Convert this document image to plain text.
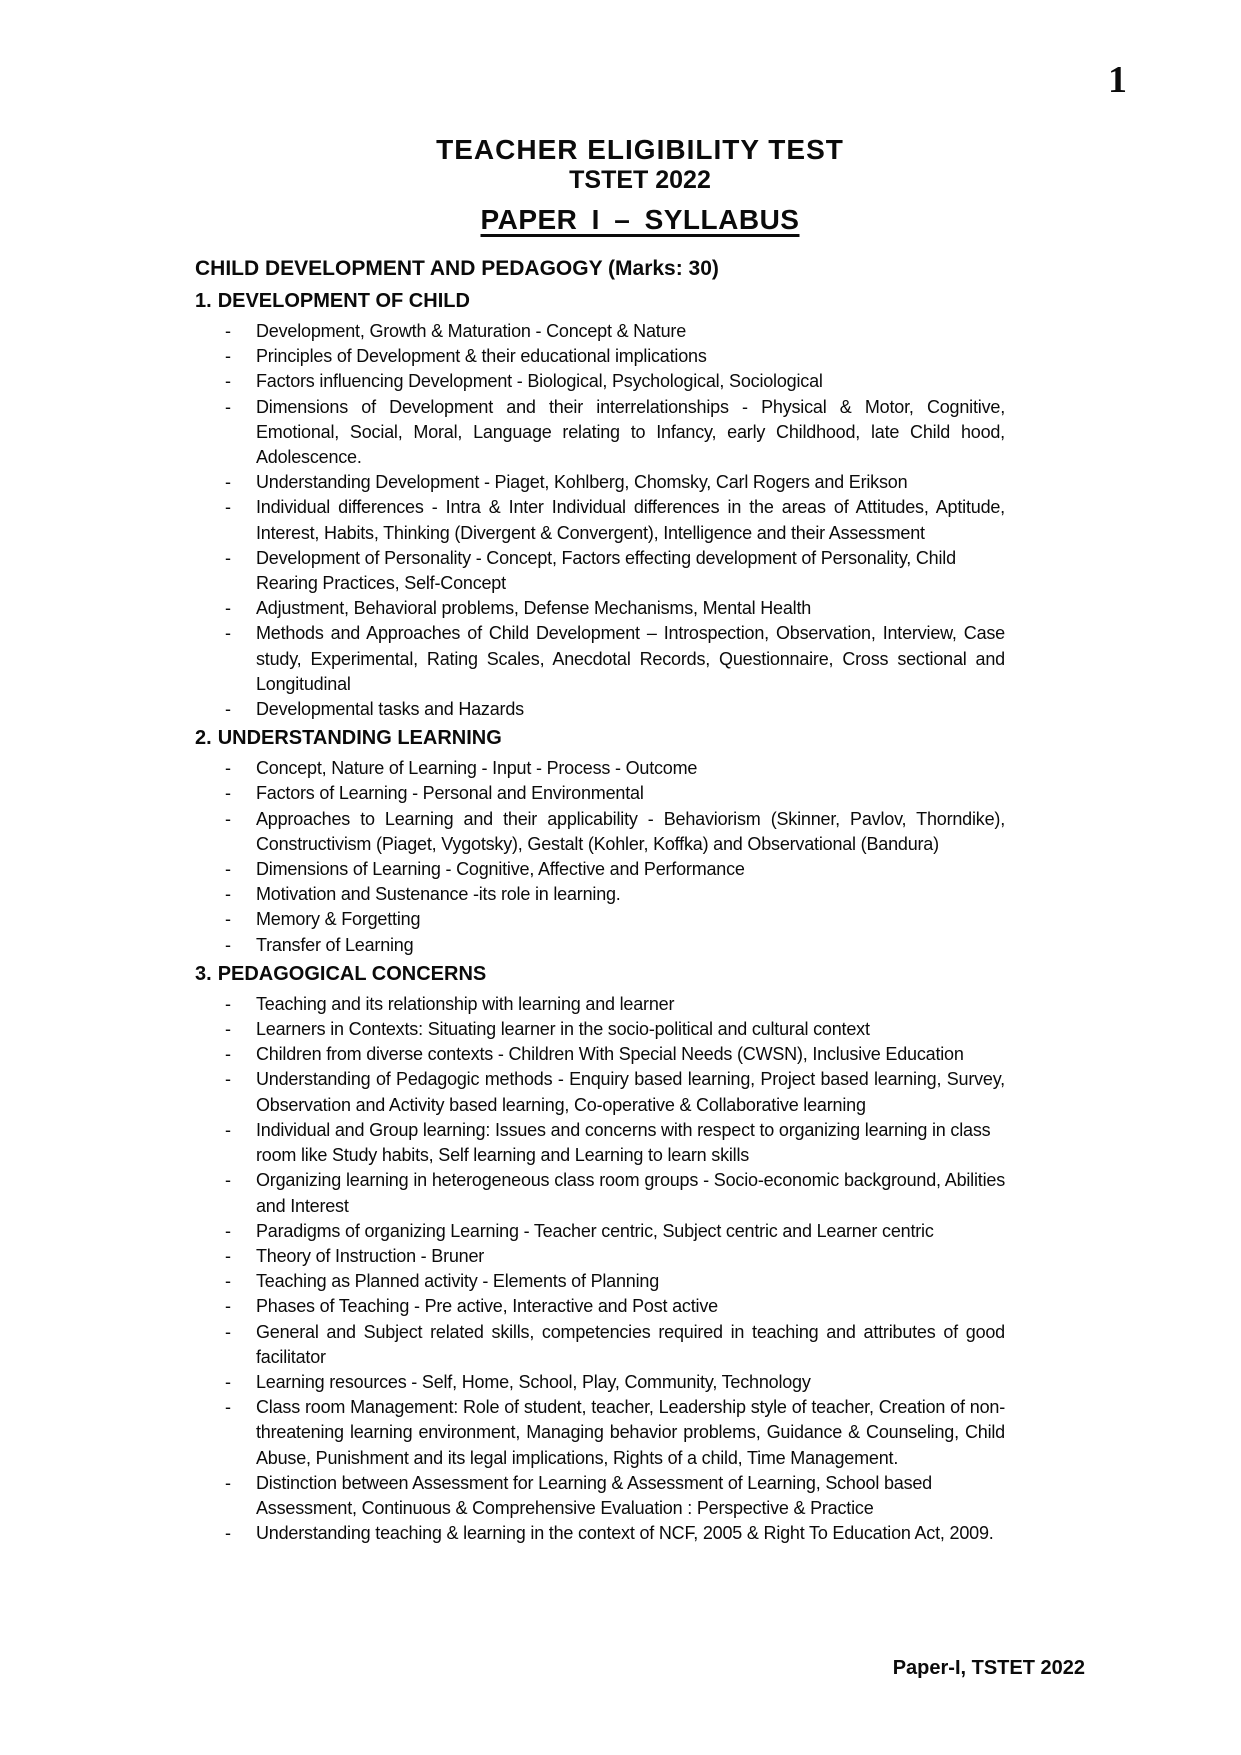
1
TEACHER ELIGIBILITY TEST
TSTET 2022
PAPER I – SYLLABUS
CHILD DEVELOPMENT AND PEDAGOGY (Marks: 30)
1. DEVELOPMENT OF CHILD
- Development, Growth & Maturation - Concept & Nature
- Principles of Development & their educational implications
- Factors influencing Development - Biological, Psychological, Sociological
- Dimensions of Development and their interrelationships - Physical & Motor, Cognitive, Emotional, Social, Moral, Language relating to Infancy, early Childhood, late Child hood, Adolescence.
- Understanding Development - Piaget, Kohlberg, Chomsky, Carl Rogers and Erikson
- Individual differences - Intra & Inter Individual differences in the areas of Attitudes, Aptitude, Interest, Habits, Thinking (Divergent & Convergent), Intelligence and their Assessment
- Development of Personality - Concept, Factors effecting development of Personality, Child Rearing Practices, Self-Concept
- Adjustment, Behavioral problems, Defense Mechanisms, Mental Health
- Methods and Approaches of Child Development – Introspection, Observation, Interview, Case study, Experimental, Rating Scales, Anecdotal Records, Questionnaire, Cross sectional and Longitudinal
- Developmental tasks and Hazards
2. UNDERSTANDING LEARNING
- Concept, Nature of Learning - Input - Process - Outcome
- Factors of Learning - Personal and Environmental
- Approaches to Learning and their applicability - Behaviorism (Skinner, Pavlov, Thorndike), Constructivism (Piaget, Vygotsky), Gestalt (Kohler, Koffka) and Observational (Bandura)
- Dimensions of Learning - Cognitive, Affective and Performance
- Motivation and Sustenance -its role in learning.
- Memory & Forgetting
- Transfer of Learning
3. PEDAGOGICAL CONCERNS
- Teaching and its relationship with learning and learner
- Learners in Contexts: Situating learner in the socio-political and cultural context
- Children from diverse contexts - Children With Special Needs (CWSN), Inclusive Education
- Understanding of Pedagogic methods - Enquiry based learning, Project based learning, Survey, Observation and Activity based learning, Co-operative & Collaborative learning
- Individual and Group learning: Issues and concerns with respect to organizing learning in class room like Study habits, Self learning and Learning to learn skills
- Organizing learning in heterogeneous class room groups - Socio-economic background, Abilities and Interest
- Paradigms of organizing Learning - Teacher centric, Subject centric and Learner centric
- Theory of Instruction - Bruner
- Teaching as Planned activity - Elements of Planning
- Phases of Teaching - Pre active, Interactive and Post active
- General and Subject related skills, competencies required in teaching and attributes of good facilitator
- Learning resources - Self, Home, School, Play, Community, Technology
- Class room Management: Role of student, teacher, Leadership style of teacher, Creation of non-threatening learning environment, Managing behavior problems, Guidance & Counseling, Child Abuse, Punishment and its legal implications, Rights of a child, Time Management.
- Distinction between Assessment for Learning & Assessment of Learning, School based Assessment, Continuous & Comprehensive Evaluation : Perspective & Practice
- Understanding teaching & learning in the context of NCF, 2005 & Right To Education Act, 2009.
Paper-I, TSTET 2022
